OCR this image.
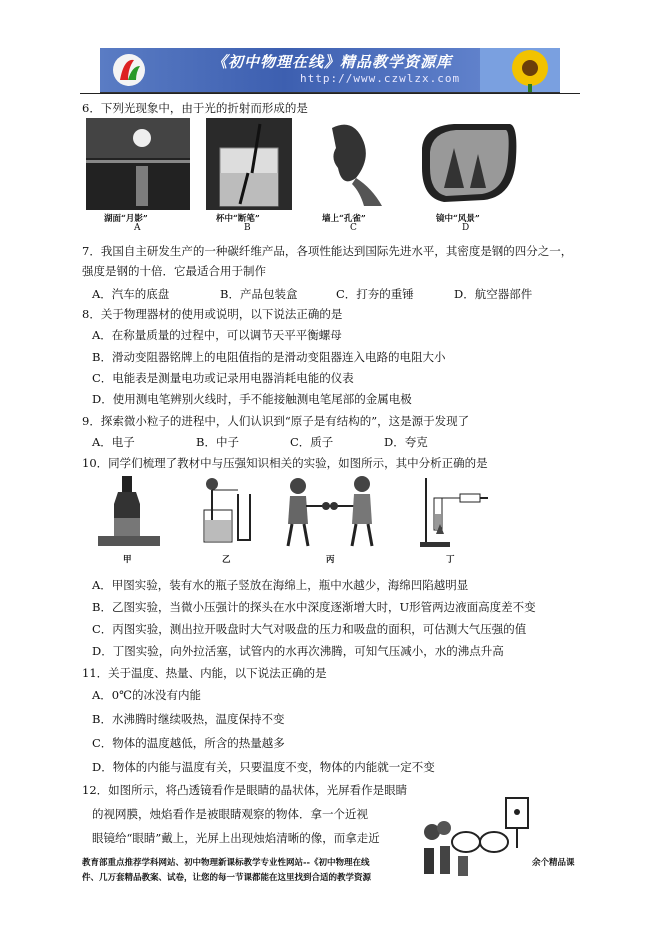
《初中物理在线》精品教学资源库
http://www.czwlzx.com
6．下列光现象中，由于光的折射而形成的是
湖面“月影”	杯中“断笔”	墙上“孔雀”	镜中“风景”
A	B	C	D
7．我国自主研发生产的一种碳纤维产品，各项性能达到国际先进水平，其密度是钢的四分之一，
强度是钢的十倍．它最适合用于制作
A．汽车的底盘	B．产品包装盒	C．打夯的重锤	D．航空器部件
8．关于物理器材的使用或说明，以下说法正确的是
A．在称量质量的过程中，可以调节天平平衡螺母
B．滑动变阻器铭牌上的电阻值指的是滑动变阻器连入电路的电阻大小
C．电能表是测量电功或记录用电器消耗电能的仪表
D．使用测电笔辨别火线时，手不能接触测电笔尾部的金属电极
9．探索微小粒子的进程中，人们认识到“原子是有结构的”，这是源于发现了
A．电子	B．中子	C．质子	D．夸克
10．同学们梳理了教材中与压强知识相关的实验，如图所示，其中分析正确的是
甲	乙	丙	丁
A．甲图实验，装有水的瓶子竖放在海绵上，瓶中水越少，海绵凹陷越明显
B．乙图实验，当微小压强计的探头在水中深度逐渐增大时，U形管两边液面高度差不变
C．丙图实验，测出拉开吸盘时大气对吸盘的压力和吸盘的面积，可估测大气压强的值
D．丁图实验，向外拉活塞，试管内的水再次沸腾，可知气压减小，水的沸点升高
11．关于温度、热量、内能，以下说法正确的是
A．0℃的冰没有内能
B．水沸腾时继续吸热，温度保持不变
C．物体的温度越低，所含的热量越多
D．物体的内能与温度有关，只要温度不变，物体的内能就一定不变
12．如图所示，将凸透镜看作是眼睛的晶状体，光屏看作是眼睛
的视网膜，烛焰看作是被眼睛观察的物体．拿一个近视
眼镜给“眼睛”戴上，光屏上出现烛焰清晰的像，而拿走近
教育部重点推荐学科网站、初中物理新课标教学专业性网站--《初中物理在线	余个精品课
件、几万套精品教案、试卷，让您的每一节课都能在这里找到合适的教学资源
